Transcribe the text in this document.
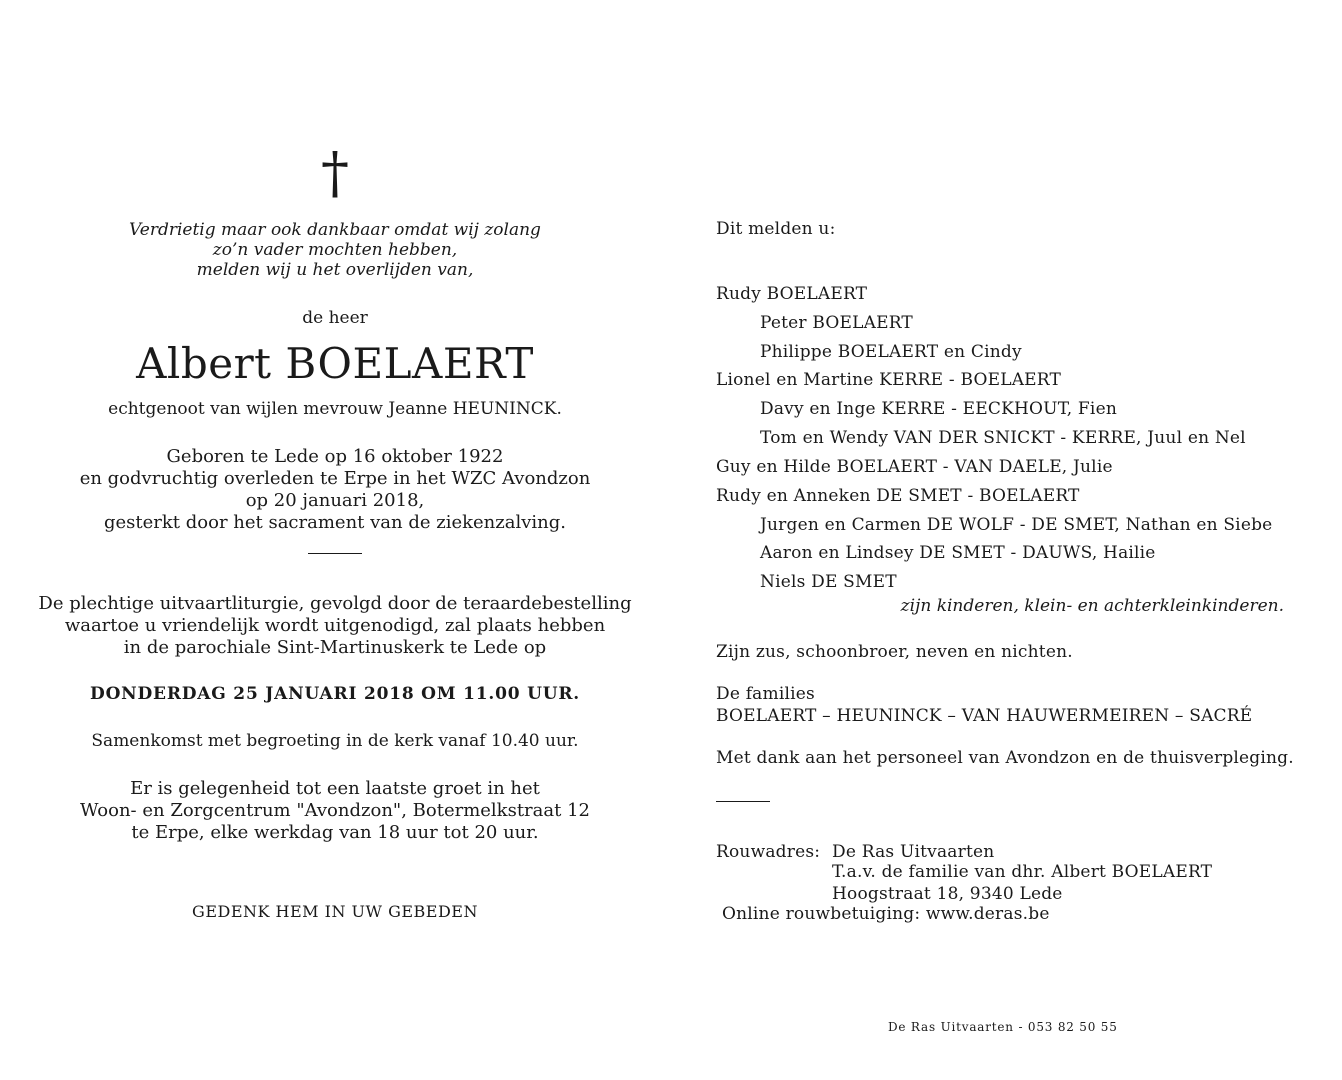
†
Verdrietig maar ook dankbaar omdat wij zolang
zo’n vader mochten hebben,
melden wij u het overlijden van,
de heer
Albert BOELAERT
echtgenoot van wijlen mevrouw Jeanne HEUNINCK.
Geboren te Lede op 16 oktober 1922
en godvruchtig overleden te Erpe in het WZC Avondzon
op 20 januari 2018,
gesterkt door het sacrament van de ziekenzalving.
De plechtige uitvaartliturgie, gevolgd door de teraardebestelling
waartoe u vriendelijk wordt uitgenodigd, zal plaats hebben
in de parochiale Sint-Martinuskerk te Lede op
DONDERDAG 25 JANUARI 2018 OM 11.00 UUR.
Samenkomst met begroeting in de kerk vanaf 10.40 uur.
Er is gelegenheid tot een laatste groet in het
Woon- en Zorgcentrum "Avondzon", Botermelkstraat 12
te Erpe, elke werkdag van 18 uur tot 20 uur.
GEDENK HEM IN UW GEBEDEN
Dit melden u:
Rudy BOELAERT
Peter BOELAERT
Philippe BOELAERT en Cindy
Lionel en Martine KERRE - BOELAERT
Davy en Inge KERRE - EECKHOUT, Fien
Tom en Wendy VAN DER SNICKT - KERRE, Juul en Nel
Guy en Hilde BOELAERT - VAN DAELE, Julie
Rudy en Anneken DE SMET - BOELAERT
Jurgen en Carmen DE WOLF - DE SMET, Nathan en Siebe
Aaron en Lindsey DE SMET - DAUWS, Hailie
Niels DE SMET
zijn kinderen, klein- en achterkleinkinderen.
Zijn zus, schoonbroer, neven en nichten.
De families
BOELAERT – HEUNINCK – VAN HAUWERMEIREN – SACRÉ
Met dank aan het personeel van Avondzon en de thuisverpleging.
Rouwadres: De Ras Uitvaarten
T.a.v. de familie van dhr. Albert BOELAERT
Hoogstraat 18, 9340 Lede
Online rouwbetuiging: www.deras.be
De Ras Uitvaarten - 053 82 50 55
